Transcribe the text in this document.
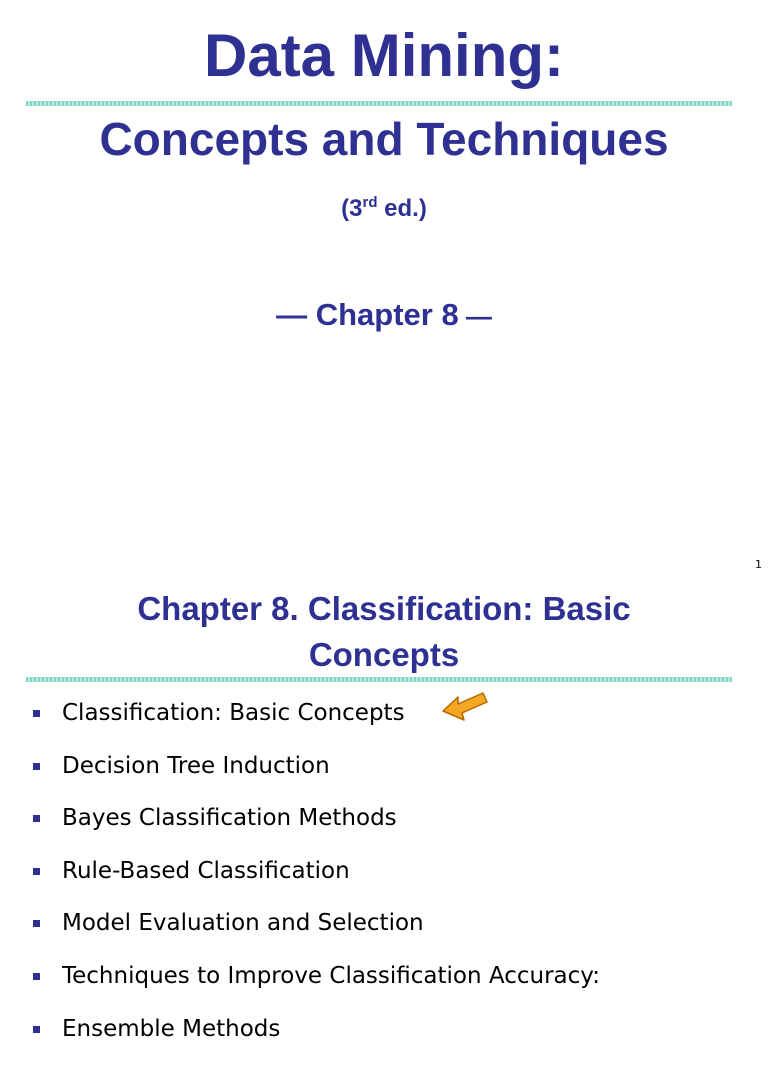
Data Mining:
Concepts and Techniques
(3rd ed.)
— Chapter 8 —
1
Chapter 8. Classification: Basic
Concepts
Classification: Basic Concepts
Decision Tree Induction
Bayes Classification Methods
Rule-Based Classification
Model Evaluation and Selection
Techniques to Improve Classification Accuracy:
Ensemble Methods
